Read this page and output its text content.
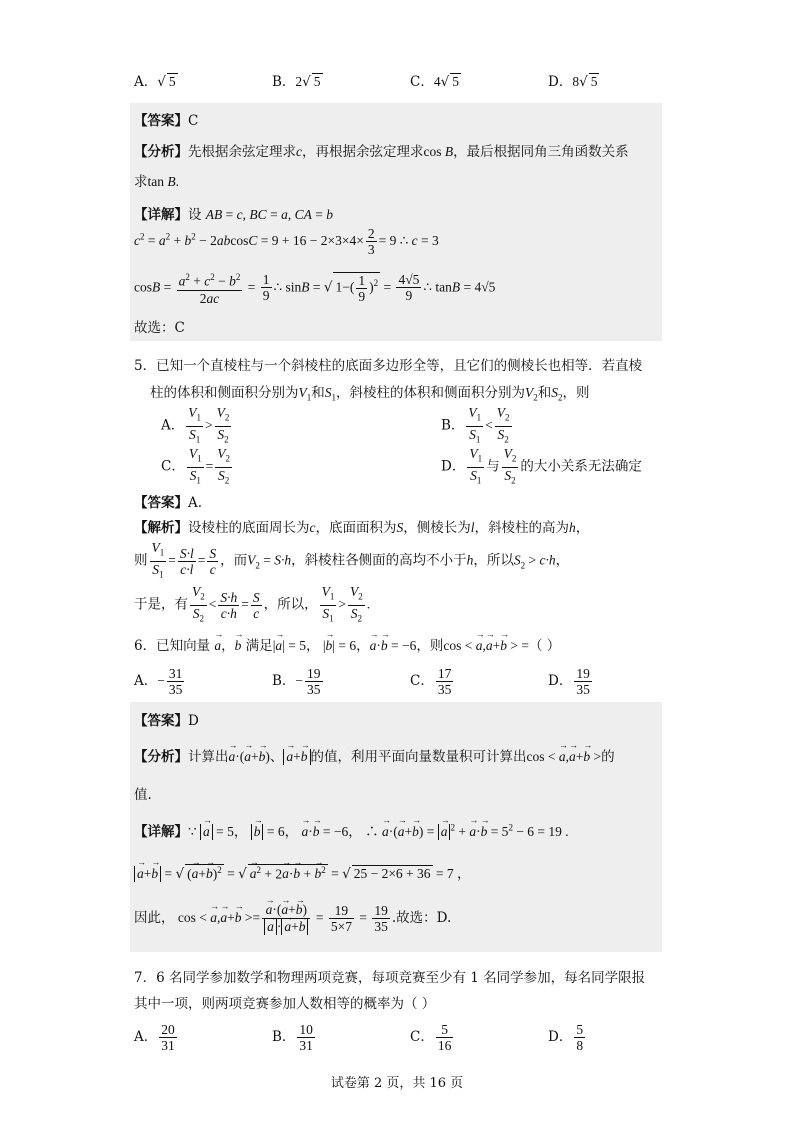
A．√ 5	B．2√ 5	C．4√ 5	D．8√ 5
【答案】C
【分析】先根据余弦定理求c，再根据余弦定理求cos B，最后根据同角三角函数关系
求tan B.
【详解】设 AB = c, BC = a, CA = b
$c^2 = a^2 + b^2 - 2abcosC = 9 + 16 - 2\times 3\times 4\times \frac{2}{3} = 9$ ∴ c = 3
$\cos B = \frac{a^2 + c^2 - b^2}{2ac} = \frac{1}{9}$ ∴ sinB = √ $1-( \frac{1}{9} )^2 = \frac{4√5}{9}$ ∴ tanB = 4√5
故选：C
5．已知一个直棱柱与一个斜棱柱的底面多边形全等，且它们的侧棱长也相等．若直棱
柱的体积和侧面积分别为$V_1$和$S_1$，斜棱柱的体积和侧面积分别为$V_2$和$S_2$，则
A． $\frac{V_1}{S_1} > \frac{V_2}{S_2}$	B． $\frac{V_1}{S_1} < \frac{V_2}{S_2}$
C． $\frac{V_1}{S_1} = \frac{V_2}{S_2}$	D． $\frac{V_1}{S_1}$ 与 $\frac{V_2}{S_2}$ 的大小关系无法确定
【答案】A.
【解析】设棱柱的底面周长为c，底面面积为S，侧棱长为l，斜棱柱的高为h，
则 $\frac{V_1}{S_1} = \frac{S\cdot l}{c\cdot l} = \frac{S}{c}$ ，而$V_2 = S\cdot h$，斜棱柱各侧面的高均不小于h，所以$S_2 > c\cdot h$，
于是，有 $\frac{V_2}{S_2} < \frac{S\cdot h}{c\cdot h} = \frac{S}{c}$ ，所以， $\frac{V_1}{S_1} > \frac{V_2}{S_2}$ .
6．已知向量 → a，→ b 满足|→ a| = 5， |→ b| = 6，→ a·→ b = −6，则cos < → a,→ a+→ b > =（ ）
A．− $\frac{31}{35}$	B．− $\frac{19}{35}$	C． $\frac{17}{35}$	D． $\frac{19}{35}$
【答案】D
【分析】计算出→ a·(→ a+→ b)、→ a+→ b 的值，利用平面向量数量积可计算出cos < → a,→ a+→ b >的
值.
【详解】∵ → a = 5， → b = 6， → a·→ b = −6， ∴ → a·(→ a+→ b) = → a $^2$ + → $a\cdot\to b = 5^2 - 6 = 19$ .
→ a+→ b = √ (→ a+→ b)$^2$ = √→ $a^2 + 2\to a\cdot\to b$ + → $b^2$ = √ 25 − 2×6 + 36 = 7 ，
因此， cos < → a,→ a+→ b >=
→ a·(→ a+→ b)
→ $a \cdot\to a+\to b = \frac{19}{5\times 7} = \frac{19}{35}$ .故选：D.
7．6 名同学参加数学和物理两项竞赛，每项竞赛至少有 1 名同学参加，每名同学限报
其中一项，则两项竞赛参加人数相等的概率为（ ）
A． $\frac{20}{31}$	B． $\frac{10}{31}$	C． $\frac{5}{16}$	D． $\frac{5}{8}$
试卷第 2 页，共 16 页
